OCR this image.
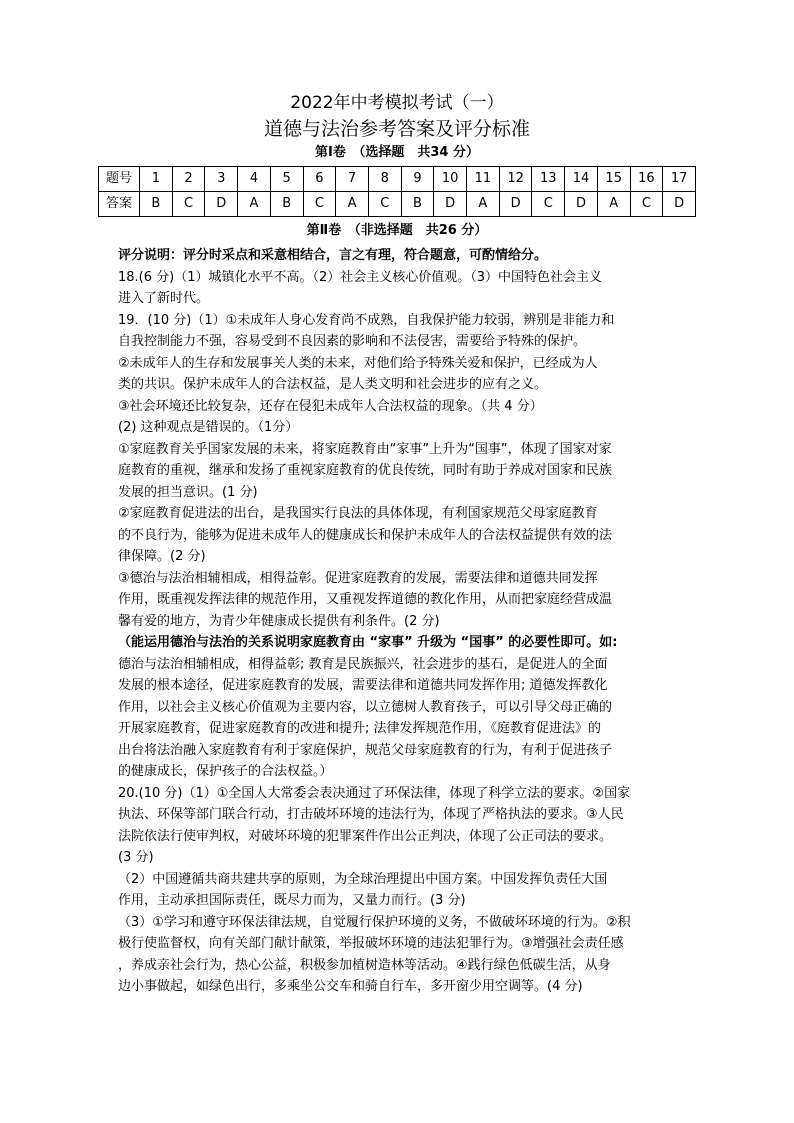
2022年中考模拟考试（一）
道德与法治参考答案及评分标准
第Ⅰ卷　（选择题　共34 分）
题号	1	2	3	4	5	6	7	8	9	10	11	12	13	14	15	16	17
答案	B	C	D	A	B	C	A	C	B	D	A	D	C	D	A	C	D
第Ⅱ卷　（非选择题　共26 分）
评分说明：评分时采点和采意相结合，言之有理，符合题意，可酌情给分。
18.(6 分)（1）城镇化水平不高。（2）社会主义核心价值观。（3）中国特色社会主义
进入了新时代。
19．(10 分)（1）①未成年人身心发育尚不成熟，自我保护能力较弱，辨别是非能力和
自我控制能力不强，容易受到不良因素的影响和不法侵害，需要给予特殊的保护。
②未成年人的生存和发展事关人类的未来，对他们给予特殊关爱和保护，已经成为人
类的共识。保护未成年人的合法权益，是人类文明和社会进步的应有之义。
③社会环境还比较复杂，还存在侵犯未成年人合法权益的现象。（共 4 分）
(2) 这种观点是错误的。（1分）
①家庭教育关乎国家发展的未来，将家庭教育由“家事”上升为“国事”，体现了国家对家
庭教育的重视，继承和发扬了重视家庭教育的优良传统，同时有助于养成对国家和民族
发展的担当意识。(1 分)
②家庭教育促进法的出台，是我国实行良法的具体体现，有利国家规范父母家庭教育
的不良行为，能够为促进未成年人的健康成长和保护未成年人的合法权益提供有效的法
律保障。(2 分)
③德治与法治相辅相成，相得益彰。促进家庭教育的发展，需要法律和道德共同发挥
作用，既重视发挥法律的规范作用，又重视发挥道德的教化作用，从而把家庭经营成温
馨有爱的地方，为青少年健康成长提供有利条件。(2 分)
（能运用德治与法治的关系说明家庭教育由 “家事” 升级为 “国事” 的必要性即可。如:
德治与法治相辅相成，相得益彰; 教育是民族振兴，社会进步的基石，是促进人的全面
发展的根本途径，促进家庭教育的发展，需要法律和道德共同发挥作用; 道德发挥教化
作用，以社会主义核心价值观为主要内容，以立德树人教育孩子，可以引导父母正确的
开展家庭教育，促进家庭教育的改进和提升; 法律发挥规范作用，《庭教育促进法》的
出台将法治融入家庭教育有利于家庭保护，规范父母家庭教育的行为，有利于促进孩子
的健康成长，保护孩子的合法权益。）
20.(10 分)（1）①全国人大常委会表决通过了环保法律，体现了科学立法的要求。②国家
执法、环保等部门联合行动，打击破坏环境的违法行为，体现了严格执法的要求。③人民
法院依法行使审判权，对破坏环境的犯罪案件作出公正判决，体现了公正司法的要求。
(3 分)
（2）中国遵循共商共建共享的原则，为全球治理提出中国方案。中国发挥负责任大国
作用，主动承担国际责任，既尽力而为，又量力而行。(3 分)
（3）①学习和遵守环保法律法规，自觉履行保护环境的义务，不做破坏环境的行为。②积
极行使监督权，向有关部门献计献策，举报破坏环境的违法犯罪行为。③增强社会责任感
，养成亲社会行为，热心公益，积极参加植树造林等活动。④践行绿色低碳生活，从身
边小事做起，如绿色出行，多乘坐公交车和骑自行车，多开窗少用空调等。(4 分)
